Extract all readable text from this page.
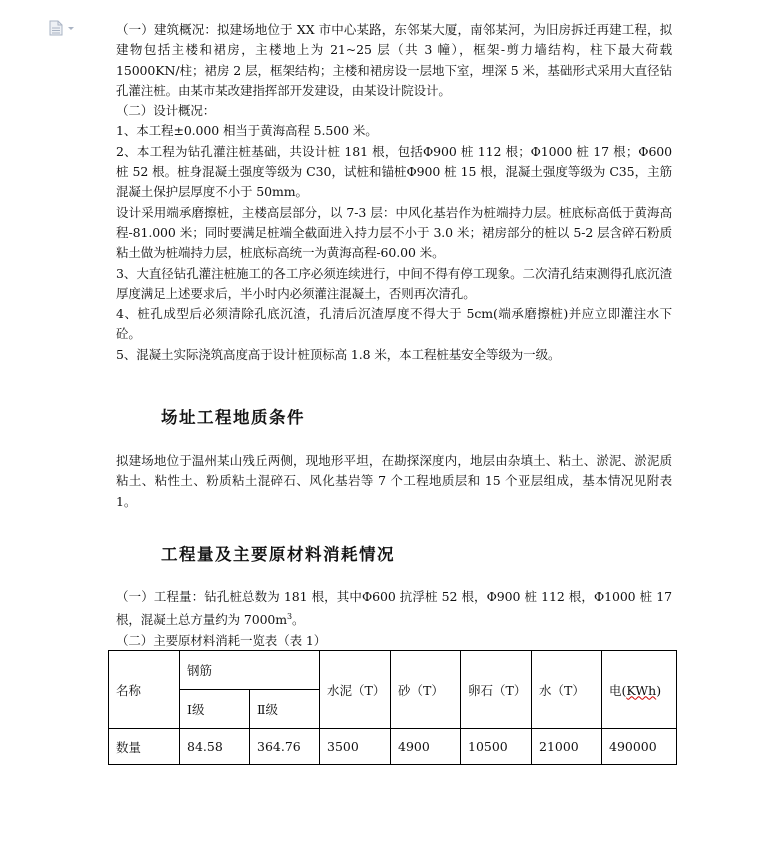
（一）建筑概况：拟建场地位于 XX 市中心某路，东邻某大厦，南邻某河，为旧房拆迁再建工程，拟建物包括主楼和裙房，主楼地上为 21~25 层（共 3 幢），框架-剪力墙结构，柱下最大荷载 15000KN/柱；裙房 2 层，框架结构；主楼和裙房设一层地下室，埋深 5 米，基础形式采用大直径钻孔灌注桩。由某市某改建指挥部开发建设，由某设计院设计。

（二）设计概况：

1、本工程±0.000 相当于黄海高程 5.500 米。

2、本工程为钻孔灌注桩基础，共设计桩 181 根，包括Φ900 桩 112 根；Φ1000 桩 17 根；Φ600 桩 52 根。桩身混凝土强度等级为 C30，试桩和锚桩Φ900 桩 15 根，混凝土强度等级为 C35，主筋混凝土保护层厚度不小于 50mm。

设计采用端承磨擦桩，主楼高层部分，以 7-3 层：中风化基岩作为桩端持力层。桩底标高低于黄海高程-81.000 米；同时要满足桩端全截面进入持力层不小于 3.0 米；裙房部分的桩以 5-2 层含碎石粉质粘土做为桩端持力层，桩底标高统一为黄海高程-60.00 米。

3、大直径钻孔灌注桩施工的各工序必须连续进行，中间不得有停工现象。二次清孔结束测得孔底沉渣厚度满足上述要求后，半小时内必须灌注混凝土，否则再次清孔。

4、桩孔成型后必须清除孔底沉渣，孔清后沉渣厚度不得大于 5cm(端承磨擦桩)并应立即灌注水下砼。

5、混凝土实际浇筑高度高于设计桩顶标高 1.8 米，本工程桩基安全等级为一级。

场址工程地质条件

拟建场地位于温州某山残丘两侧，现地形平坦，在勘探深度内，地层由杂填土、粘土、淤泥、淤泥质粘土、粘性土、粉质粘土混碎石、风化基岩等 7 个工程地质层和 15 个亚层组成，基本情况见附表 1。

工程量及主要原材料消耗情况

（一）工程量：钻孔桩总数为 181 根，其中Φ600 抗浮桩 52 根，Φ900 桩 112 根，Φ1000 桩 17 根，混凝土总方量约为 $7000m^3$。

（二）主要原材料消耗一览表（表 1）

名称	钢筋		水泥（T）	砂（T）	卵石（T）	水（T）	电(KWh)
	Ⅰ级	Ⅱ级					
数量	84.58	364.76	3500	4900	10500	21000	490000
